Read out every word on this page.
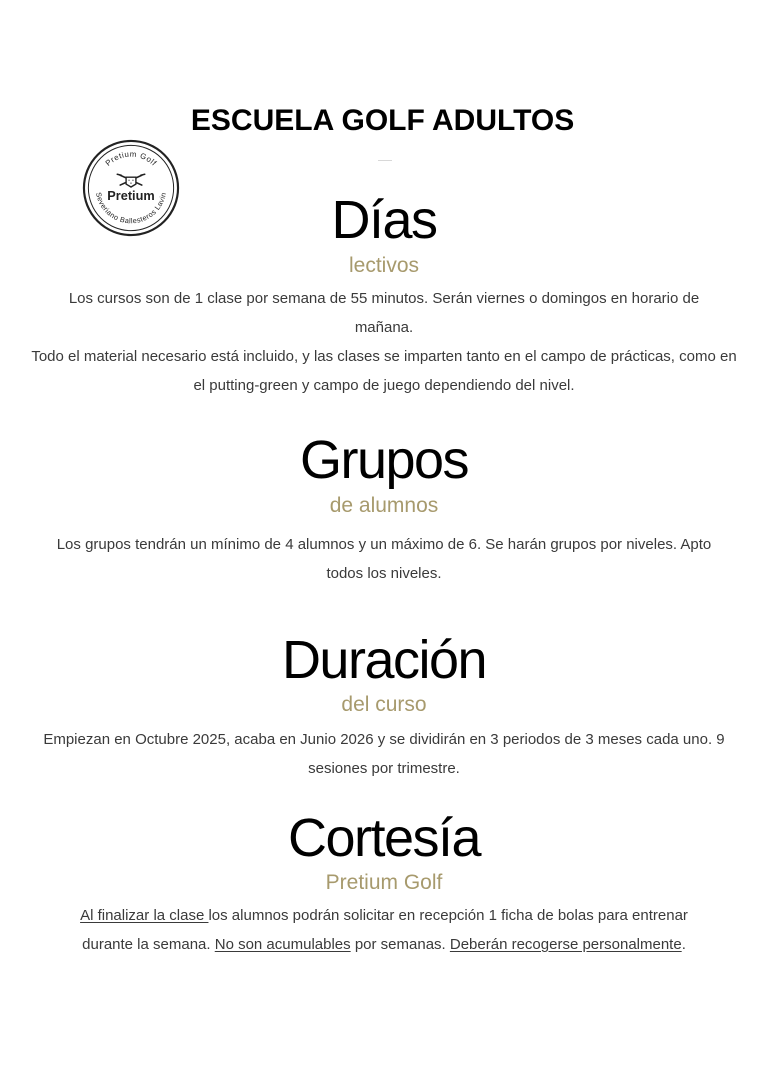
ESCUELA GOLF ADULTOS
Pretium Golf
Severiano Ballesteros Lavin
Pretium	Días
lectivos

Los cursos son de 1 clase por semana de 55 minutos. Serán viernes o domingos en horario de mañana.

Todo el material necesario está incluido, y las clases se imparten tanto en el campo de prácticas, como en el putting-green y campo de juego dependiendo del nivel.

Grupos
de alumnos

Los grupos tendrán un mínimo de 4 alumnos y un máximo de 6. Se harán grupos por niveles. Apto todos los niveles.

Duración
del curso

Empiezan en Octubre 2025, acaba en Junio 2026 y se dividirán en 3 periodos de 3 meses cada uno. 9 sesiones por trimestre.

Cortesía
Pretium Golf

Al finalizar la clase los alumnos podrán solicitar en recepción 1 ficha de bolas para entrenar durante la semana. No son acumulables por semanas. Deberán recogerse personalmente.
